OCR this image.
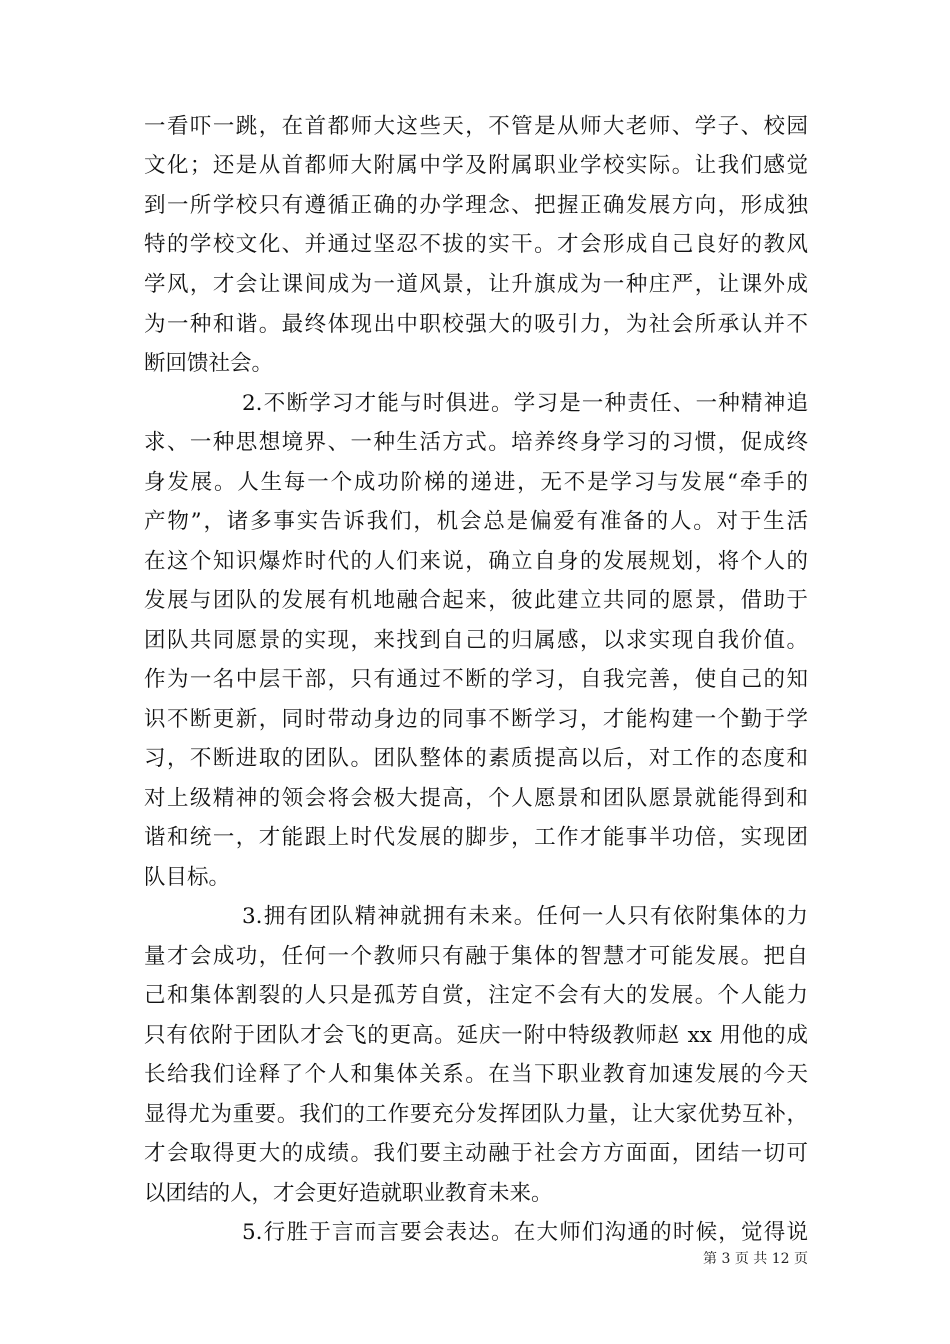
一看吓一跳，在首都师大这些天，不管是从师大老师、学子、校园
文化；还是从首都师大附属中学及附属职业学校实际。让我们感觉
到一所学校只有遵循正确的办学理念、把握正确发展方向，形成独
特的学校文化、并通过坚忍不拔的实干。才会形成自己良好的教风
学风，才会让课间成为一道风景，让升旗成为一种庄严，让课外成
为一种和谐。最终体现出中职校强大的吸引力，为社会所承认并不
断回馈社会。
2.不断学习才能与时俱进。学习是一种责任、一种精神追
求、一种思想境界、一种生活方式。培养终身学习的习惯，促成终
身发展。人生每一个成功阶梯的递进，无不是学习与发展“牵手的
产物”，诸多事实告诉我们，机会总是偏爱有准备的人。对于生活
在这个知识爆炸时代的人们来说，确立自身的发展规划，将个人的
发展与团队的发展有机地融合起来，彼此建立共同的愿景，借助于
团队共同愿景的实现，来找到自己的归属感，以求实现自我价值。
作为一名中层干部，只有通过不断的学习，自我完善，使自己的知
识不断更新，同时带动身边的同事不断学习，才能构建一个勤于学
习，不断进取的团队。团队整体的素质提高以后，对工作的态度和
对上级精神的领会将会极大提高，个人愿景和团队愿景就能得到和
谐和统一，才能跟上时代发展的脚步，工作才能事半功倍，实现团
队目标。
3.拥有团队精神就拥有未来。任何一人只有依附集体的力
量才会成功，任何一个教师只有融于集体的智慧才可能发展。把自
己和集体割裂的人只是孤芳自赏，注定不会有大的发展。个人能力
只有依附于团队才会飞的更高。延庆一附中特级教师赵 xx 用他的成
长给我们诠释了个人和集体关系。在当下职业教育加速发展的今天
显得尤为重要。我们的工作要充分发挥团队力量，让大家优势互补，
才会取得更大的成绩。我们要主动融于社会方方面面，团结一切可
以团结的人，才会更好造就职业教育未来。
5.行胜于言而言要会表达。在大师们沟通的时候，觉得说
第 3 页 共 12 页
